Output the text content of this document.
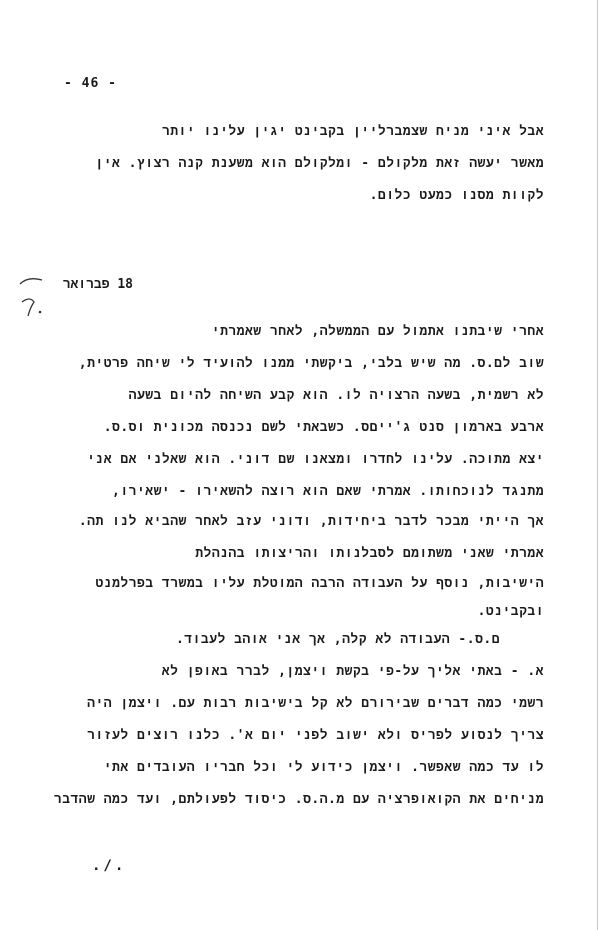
- 46 -
אבל איני מניח שצמברליין בקבינט יגין עלינו יותר
מאשר יעשה זאת מלקולם - ומלקולם הוא משענת קנה רצוץ. אין
לקוות מסנו כמעט כלום.
18 פברואר
אחרי שיבתנו אתמול עם הממשלה, לאחר שאמרתי
שוב לם.ס. מה שיש בלבי, ביקשתי ממנו להועיד לי שיחה פרטית,
לא רשמית, בשעה הרצויה לו. הוא קבע השיחה להיום בשעה
ארבע בארמון סנט ג'ייםס. כשבאתי לשם נכנסה מכונית וס.ס.
יצא מתוכה. עלינו לחדרו ומצאנו שם דוני. הוא שאלני אם אני
מתנגד לנוכחותו. אמרתי שאם הוא רוצה להשאירו - ישאירו,
אך הייתי מבכר לדבר ביחידות, ודוני עזב לאחר שהביא לנו תה.
אמרתי שאני משתומם לסבלנותו והריצותו בהנהלת
הישיבות, נוסף על העבודה הרבה המוטלת עליו במשרד בפרלמנט
ובקבינט.
ם.ס.- העבודה לא קלה, אך אני אוהב לעבוד.
א. - באתי אליך על-פי בקשת ויצמן, לברר באופן לא
רשמי כמה דברים שבירורם לא קל בישיבות רבות עם. ויצמן היה
צריך לנסוע לפריס ולא ישוב לפני יום א'. כלנו רוצים לעזור
לו עד כמה שאפשר. ויצמן כידוע לי וכל חבריו העובדים אתי
מניחים את הקואופרציה עם מ.ה.ס. כיסוד לפעולתם, ועד כמה שהדבר
./.
